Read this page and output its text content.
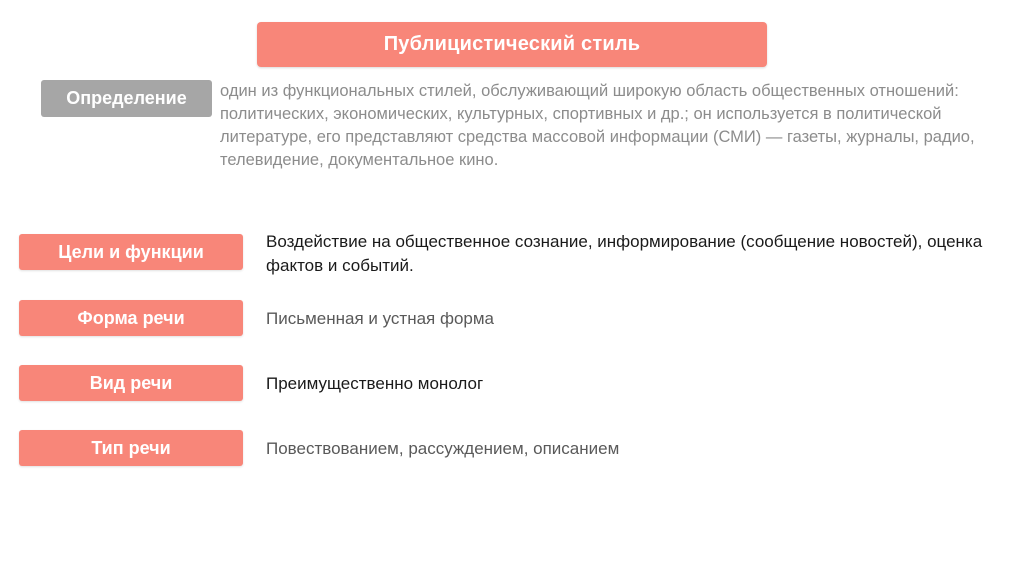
Публицистический стиль
Определение	один из функциональных стилей, обслуживающий широкую область общественных отношений: политических, экономических, культурных, спортивных и др.; он используется в политической литературе, его представляют средства массовой информации (СМИ) — газеты, журналы, радио, телевидение, документальное кино.
Цели и функции	Воздействие на общественное сознание, информирование (сообщение новостей), оценка фактов и событий.
Форма речи	Письменная и устная форма
Вид речи	Преимущественно монолог
Тип речи	Повествованием, рассуждением, описанием
